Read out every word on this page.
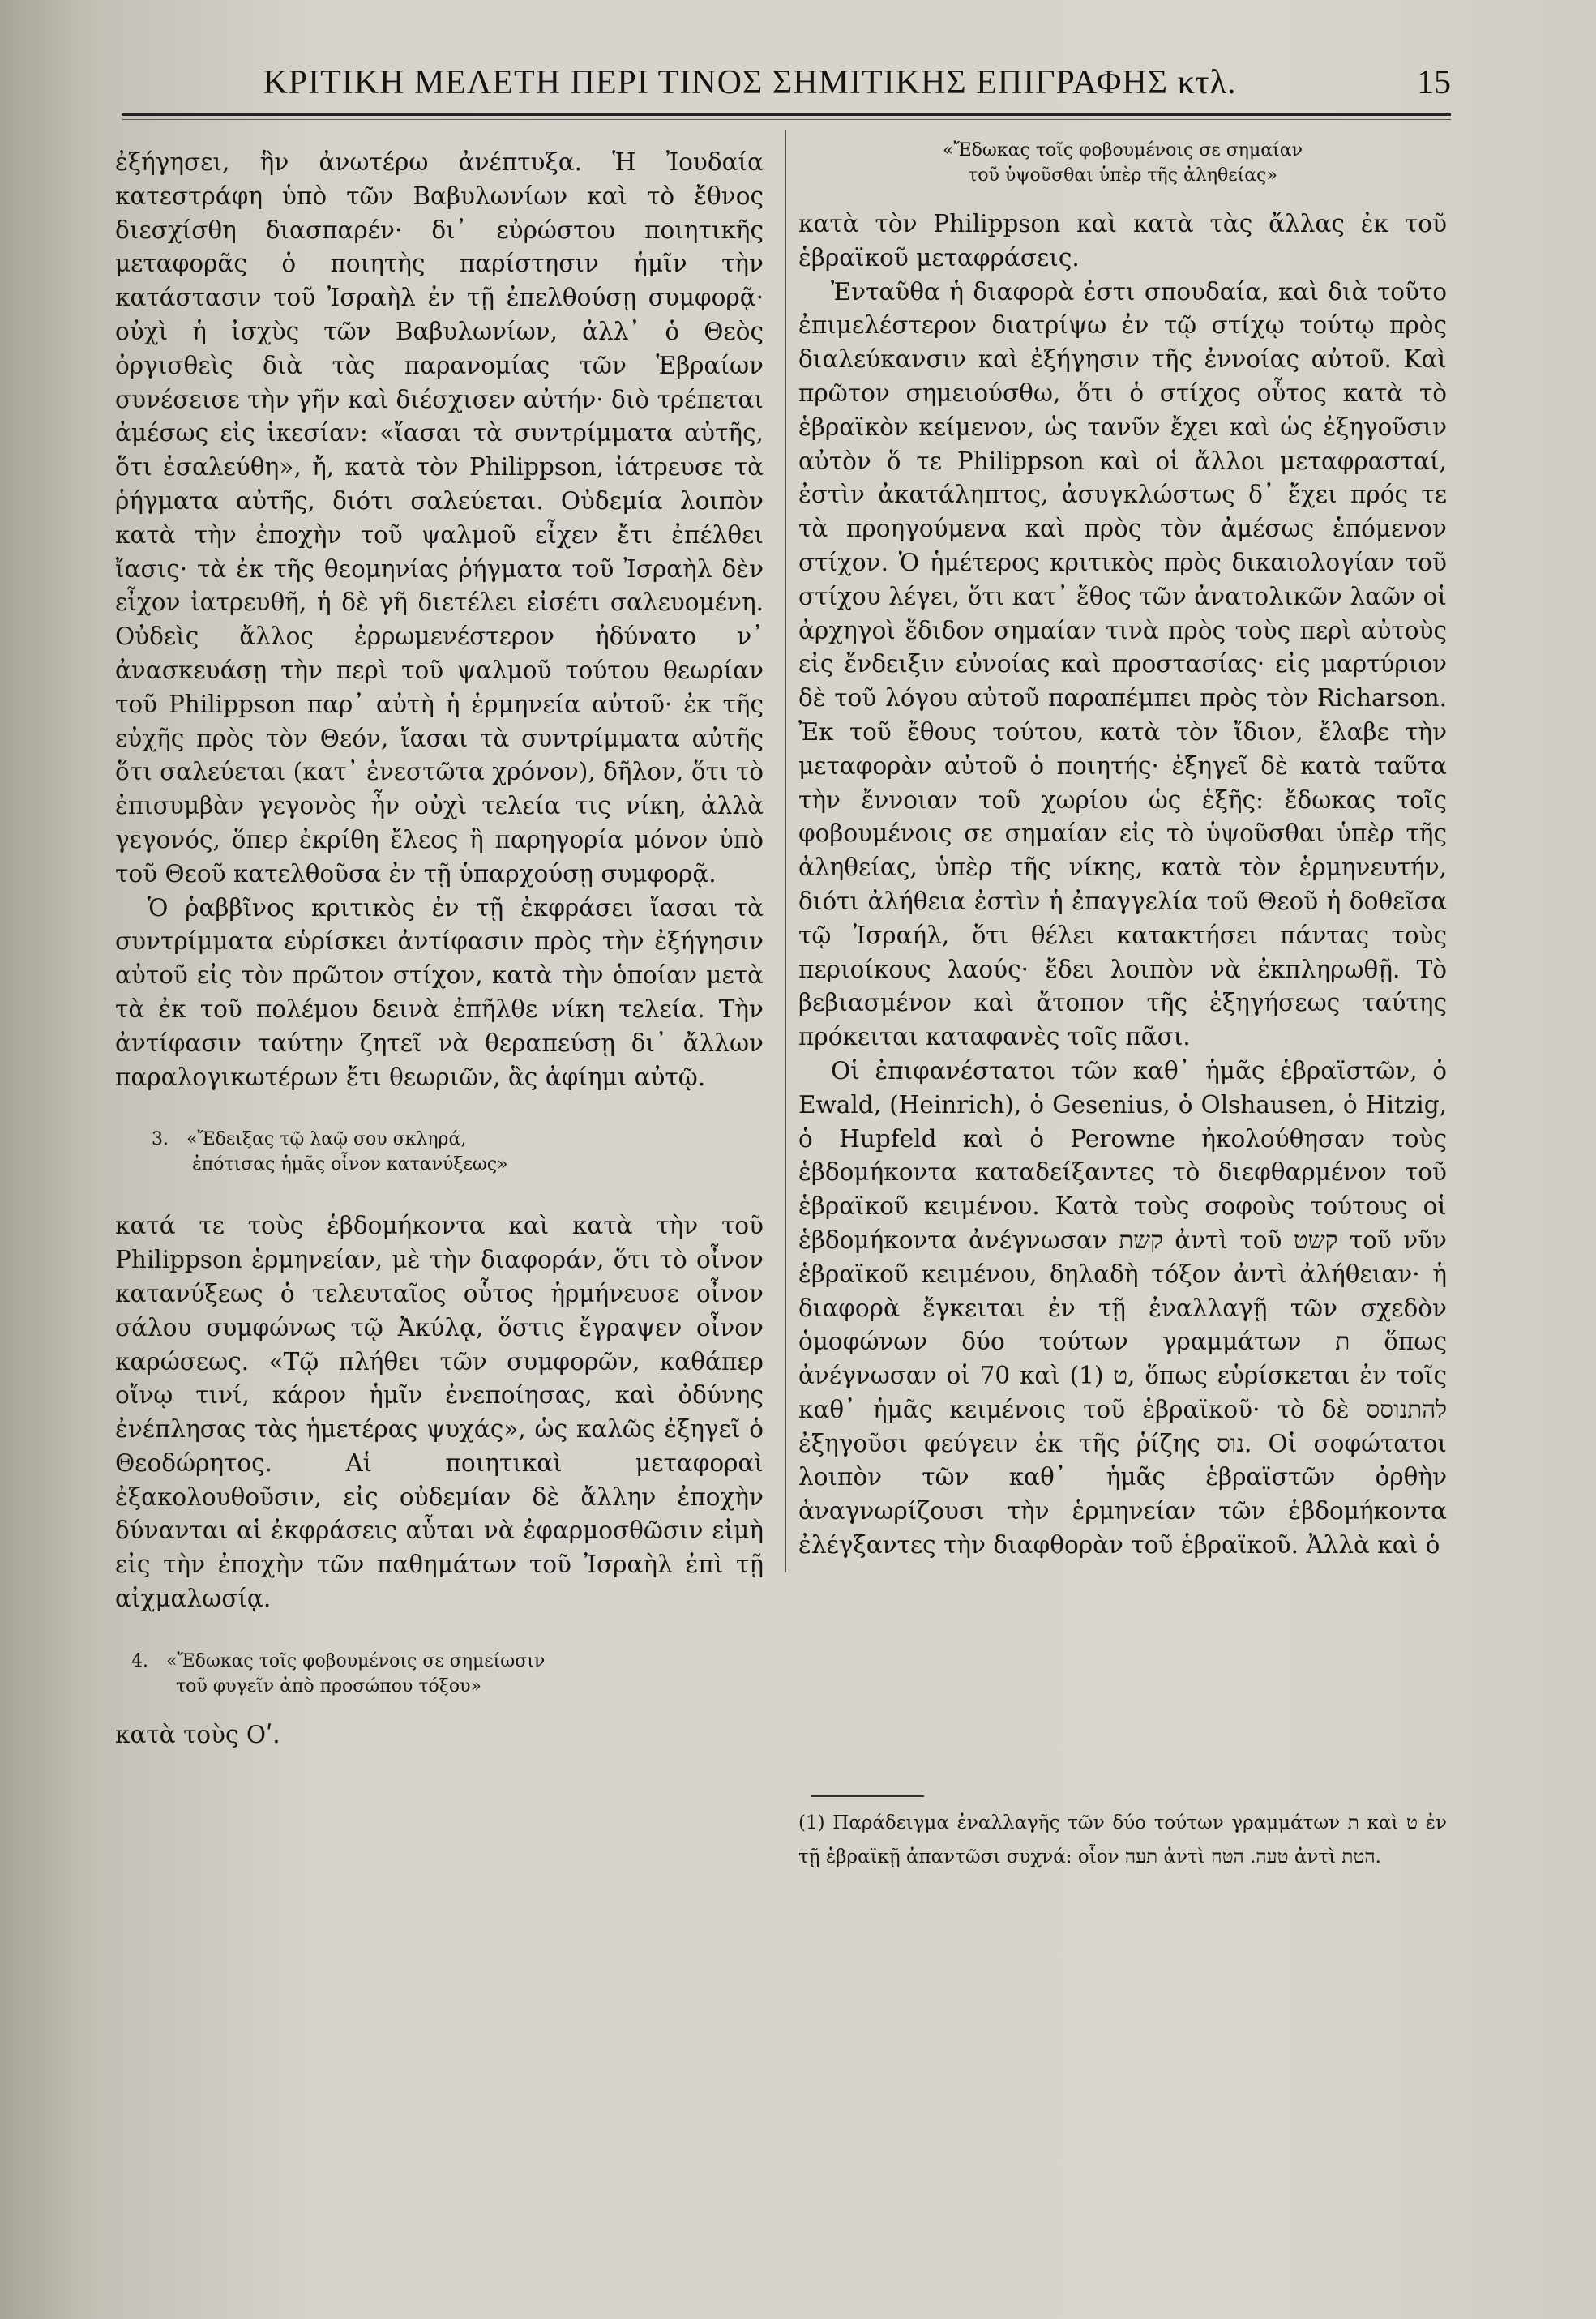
ΚΡΙΤΙΚΗ ΜΕΛΕΤΗ ΠΕΡΙ ΤΙΝΟΣ ΣΗΜΙΤΙΚΗΣ ΕΠΙΓΡΑΦΗΣ κτλ.	15

ἐξήγησει, ἣν ἀνωτέρω ἀνέπτυξα. Ἡ Ἰουδαία κατεστράφη ὑπὸ τῶν Βαβυλωνίων καὶ τὸ ἔθνος διεσχίσθη διασπαρέν· δι᾽ εὐρώστου ποιητικῆς μεταφορᾶς ὁ ποιητὴς παρίστησιν ἡμῖν τὴν κατάστασιν τοῦ Ἰσραὴλ ἐν τῇ ἐπελθούσῃ συμφορᾷ· οὐχὶ ἡ ἰσχὺς τῶν Βαβυλωνίων, ἀλλ᾽ ὁ Θεὸς ὀργισθεὶς διὰ τὰς παρανομίας τῶν Ἑβραίων συνέσεισε τὴν γῆν καὶ διέσχισεν αὐτήν· διὸ τρέπεται ἀμέσως εἰς ἱκεσίαν: «ἴασαι τὰ συντρίμματα αὐτῆς, ὅτι ἐσαλεύθη», ἤ, κατὰ τὸν Philippson, ἰάτρευσε τὰ ῥήγματα αὐτῆς, διότι σαλεύεται. Οὐδεμία λοιπὸν κατὰ τὴν ἐποχὴν τοῦ ψαλμοῦ εἶχεν ἔτι ἐπέλθει ἴασις· τὰ ἐκ τῆς θεομηνίας ῥήγματα τοῦ Ἰσραὴλ δὲν εἶχον ἰατρευθῆ, ἡ δὲ γῆ διετέλει εἰσέτι σαλευομένη. Οὐδεὶς ἄλλος ἐρρωμενέστερον ἠδύνατο ν᾽ ἀνασκευάσῃ τὴν περὶ τοῦ ψαλμοῦ τούτου θεωρίαν τοῦ Philippson παρ᾽ αὐτὴ ἡ ἑρμηνεία αὐτοῦ· ἐκ τῆς εὐχῆς πρὸς τὸν Θεόν, ἴασαι τὰ συντρίμματα αὐτῆς ὅτι σαλεύεται (κατ᾽ ἐνεστῶτα χρόνον), δῆλον, ὅτι τὸ ἐπισυμβὰν γεγονὸς ἦν οὐχὶ τελεία τις νίκη, ἀλλὰ γεγονός, ὅπερ ἐκρίθη ἔλεος ἢ παρηγορία μόνον ὑπὸ τοῦ Θεοῦ κατελθοῦσα ἐν τῇ ὑπαρχούσῃ συμφορᾷ.

Ὁ ῥαββῖνος κριτικὸς ἐν τῇ ἐκφράσει ἴασαι τὰ συντρίμματα εὑρίσκει ἀντίφασιν πρὸς τὴν ἐξήγησιν αὐτοῦ εἰς τὸν πρῶτον στίχον, κατὰ τὴν ὁποίαν μετὰ τὰ ἐκ τοῦ πολέμου δεινὰ ἐπῆλθε νίκη τελεία. Τὴν ἀντίφασιν ταύτην ζητεῖ νὰ θεραπεύσῃ δι᾽ ἄλλων παραλογικωτέρων ἔτι θεωριῶν, ἃς ἀφίημι αὐτῷ.

3. «Ἔδειξας τῷ λαῷ σου σκληρά,

ἐπότισας ἡμᾶς οἶνον κατανύξεως»

κατά τε τοὺς ἑβδομήκοντα καὶ κατὰ τὴν τοῦ Philippson ἑρμηνείαν, μὲ τὴν διαφοράν, ὅτι τὸ οἶνον κατανύξεως ὁ τελευταῖος οὗτος ἡρμήνευσε οἶνον σάλου συμφώνως τῷ Ἀκύλᾳ, ὅστις ἔγραψεν οἶνον καρώσεως. «Τῷ πλήθει τῶν συμφορῶν, καθάπερ οἴνῳ τινί, κάρον ἡμῖν ἐνεποίησας, καὶ ὀδύνης ἐνέπλησας τὰς ἡμετέρας ψυχάς», ὡς καλῶς ἐξηγεῖ ὁ Θεοδώρητος. Αἱ ποιητικαὶ μεταφοραὶ ἐξακολουθοῦσιν, εἰς οὐδεμίαν δὲ ἄλλην ἐποχὴν δύνανται αἱ ἐκφράσεις αὗται νὰ ἐφαρμοσθῶσιν εἰμὴ εἰς τὴν ἐποχὴν τῶν παθημάτων τοῦ Ἰσραὴλ ἐπὶ τῇ αἰχμαλωσίᾳ.

4. «Ἔδωκας τοῖς φοβουμένοις σε σημείωσιν

τοῦ φυγεῖν ἀπὸ προσώπου τόξου»

κατὰ τοὺς Οʹ.

«Ἔδωκας τοῖς φοβουμένοις σε σημαίαν

τοῦ ὑψοῦσθαι ὑπὲρ τῆς ἀληθείας»

κατὰ τὸν Philippson καὶ κατὰ τὰς ἄλλας ἐκ τοῦ ἑβραϊκοῦ μεταφράσεις.

Ἐνταῦθα ἡ διαφορὰ ἐστι σπουδαία, καὶ διὰ τοῦτο ἐπιμελέστερον διατρίψω ἐν τῷ στίχῳ τούτῳ πρὸς διαλεύκανσιν καὶ ἐξήγησιν τῆς ἐννοίας αὐτοῦ. Καὶ πρῶτον σημειούσθω, ὅτι ὁ στίχος οὗτος κατὰ τὸ ἑβραϊκὸν κείμενον, ὡς τανῦν ἔχει καὶ ὡς ἐξηγοῦσιν αὐτὸν ὅ τε Philippson καὶ οἱ ἄλλοι μεταφρασταί, ἐστὶν ἀκατάληπτος, ἀσυγκλώστως δ᾽ ἔχει πρός τε τὰ προηγούμενα καὶ πρὸς τὸν ἀμέσως ἑπόμενον στίχον. Ὁ ἡμέτερος κριτικὸς πρὸς δικαιολογίαν τοῦ στίχου λέγει, ὅτι κατ᾽ ἔθος τῶν ἀνατολικῶν λαῶν οἱ ἀρχηγοὶ ἔδιδον σημαίαν τινὰ πρὸς τοὺς περὶ αὐτοὺς εἰς ἔνδειξιν εὐνοίας καὶ προστασίας· εἰς μαρτύριον δὲ τοῦ λόγου αὐτοῦ παραπέμπει πρὸς τὸν Richarson. Ἐκ τοῦ ἔθους τούτου, κατὰ τὸν ἴδιον, ἔλαβε τὴν μεταφορὰν αὐτοῦ ὁ ποιητής· ἐξηγεῖ δὲ κατὰ ταῦτα τὴν ἔννοιαν τοῦ χωρίου ὡς ἑξῆς: ἔδωκας τοῖς φοβουμένοις σε σημαίαν εἰς τὸ ὑψοῦσθαι ὑπὲρ τῆς ἀληθείας, ὑπὲρ τῆς νίκης, κατὰ τὸν ἑρμηνευτήν, διότι ἀλήθεια ἐστὶν ἡ ἐπαγγελία τοῦ Θεοῦ ἡ δοθεῖσα τῷ Ἰσραήλ, ὅτι θέλει κατακτήσει πάντας τοὺς περιοίκους λαούς· ἔδει λοιπὸν νὰ ἐκπληρωθῇ. Τὸ βεβιασμένον καὶ ἄτοπον τῆς ἐξηγήσεως ταύτης πρόκειται καταφανὲς τοῖς πᾶσι.

Οἱ ἐπιφανέστατοι τῶν καθ᾽ ἡμᾶς ἑβραϊστῶν, ὁ Ewald, (Heinrich), ὁ Gesenius, ὁ Olshausen, ὁ Hitzig, ὁ Hupfeld καὶ ὁ Perowne ἠκολούθησαν τοὺς ἑβδομήκοντα καταδείξαντες τὸ διεφθαρμένον τοῦ ἑβραϊκοῦ κειμένου. Κατὰ τοὺς σοφοὺς τούτους οἱ ἑβδομήκοντα ἀνέγνωσαν קשת ἀντὶ τοῦ קשט τοῦ νῦν ἑβραϊκοῦ κειμένου, δηλαδὴ τόξον ἀντὶ ἀλήθειαν· ἡ διαφορὰ ἔγκειται ἐν τῇ ἐναλλαγῇ τῶν σχεδὸν ὁμοφώνων δύο τούτων γραμμάτων ת ὅπως ἀνέγνωσαν οἱ 70 καὶ ט (1), ὅπως εὑρίσκεται ἐν τοῖς καθ᾽ ἡμᾶς κειμένοις τοῦ ἑβραϊκοῦ· τὸ δὲ להתנוסס ἐξηγοῦσι φεύγειν ἐκ τῆς ῥίζης נוס. Οἱ σοφώτατοι λοιπὸν τῶν καθ᾽ ἡμᾶς ἑβραϊστῶν ὀρθὴν ἀναγνωρίζουσι τὴν ἑρμηνείαν τῶν ἑβδομήκοντα ἐλέγξαντες τὴν διαφθορὰν τοῦ ἑβραϊκοῦ. Ἀλλὰ καὶ ὁ

(1) Παράδειγμα ἐναλλαγῆς τῶν δύο τούτων γραμμάτων ת καὶ ט ἐν τῇ ἑβραϊκῇ ἀπαντῶσι συχνά: οἷον תעה ἀντὶ טעה. הטח ἀντὶ הטת.
